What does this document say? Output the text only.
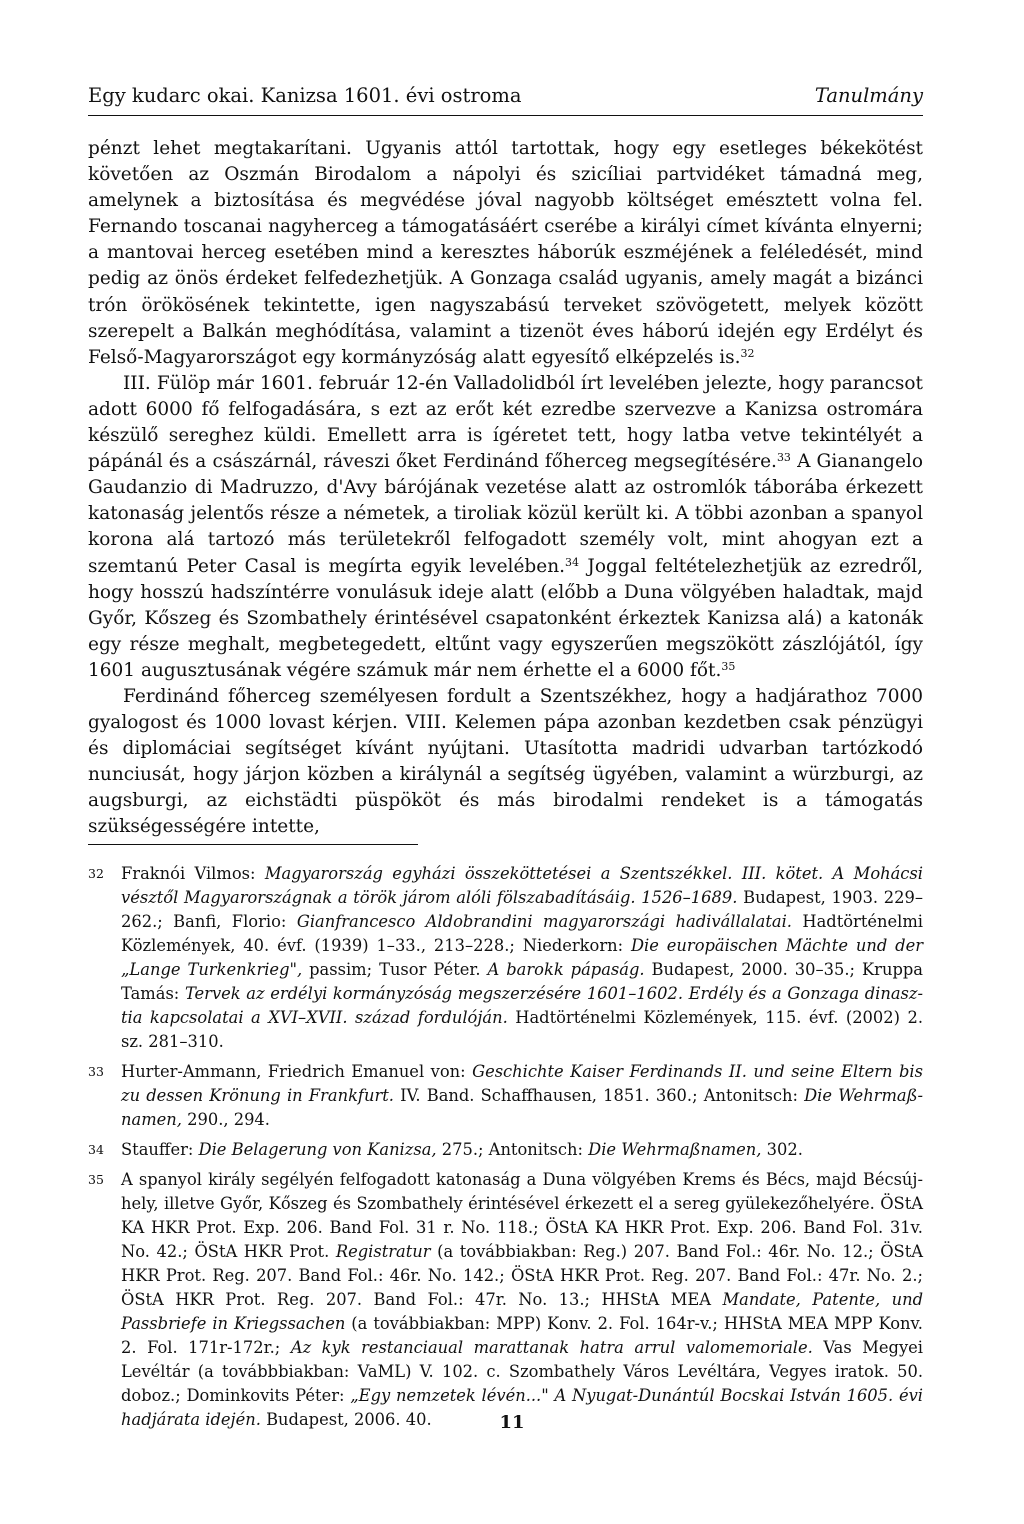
Egy kudarc okai. Kanizsa 1601. évi ostroma	Tanulmány

pénzt lehet megtakarítani. Ugyanis attól tartottak, hogy egy esetleges békekötést követően az Oszmán Birodalom a nápolyi és szicíliai partvidéket támadná meg, amelynek a biztosítása és megvédése jóval nagyobb költséget emésztett volna fel. Fernando toscanai nagyherceg a támogatásáért cserébe a királyi címet kívánta elnyerni; a mantovai herceg esetében mind a keresztes háborúk eszméjének a feléledését, mind pedig az önös érdeket felfedezhetjük. A Gonzaga család ugyanis, amely magát a bizánci trón örökösének tekintette, igen nagyszabású terveket szövögetett, melyek között szerepelt a Balkán meghódítása, valamint a tizenöt éves háború idején egy Erdélyt és Felső-Magyarországot egy kormányzóság alatt egyesítő elképzelés is.$^{32}$

III. Fülöp már 1601. február 12-én Valladolidból írt levelében jelezte, hogy parancsot adott 6000 fő felfogadására, s ezt az erőt két ezredbe szervezve a Kanizsa ostromára készülő sereghez küldi. Emellett arra is ígéretet tett, hogy latba vetve tekintélyét a pápánál és a császárnál, ráveszi őket Ferdinánd főherceg megsegítésére.$^{33}$ A Gianangelo Gaudanzio di Madruzzo, d'Avy bárójának vezetése alatt az ostromlók táborába érkezett katonaság jelentős része a németek, a tiroliak közül került ki. A többi azonban a spanyol korona alá tartozó más területekről felfogadott személy volt, mint ahogyan ezt a szemtanú Peter Casal is megírta egyik levelében.$^{34}$ Joggal feltételezhetjük az ezredről, hogy hosszú hadszíntérre vonulásuk ideje alatt (előbb a Duna völgyében haladtak, majd Győr, Kőszeg és Szombathely érintésével csapatonként érkeztek Kanizsa alá) a katonák egy része meghalt, megbetegedett, eltűnt vagy egyszerűen megszökött zászlójától, így 1601 augusztusának végére számuk már nem érhette el a 6000 főt.$^{35}$

Ferdinánd főherceg személyesen fordult a Szentszékhez, hogy a hadjárathoz 7000 gyalogost és 1000 lovast kérjen. VIII. Kelemen pápa azonban kezdetben csak pénzügyi és diplomáciai segítséget kívánt nyújtani. Utasította madridi udvarban tartózkodó nunciusát, hogy járjon közben a királynál a segítség ügyében, valamint a würzburgi, az augsburgi, az eichstädti püspököt és más birodalmi rendeket is a támogatás szükségességére intette,

32 Fraknói Vilmos: Magyarország egyházi összeköttetései a Szentszékkel. III. kötet. A Mohácsi vésztől Magyarországnak a török járom alóli fölszabadításáig. 1526–1689. Budapest, 1903. 229–262.; Banfi, Florio: Gianfrancesco Aldobrandini magyarországi hadivállalatai. Hadtörténelmi Közlemények, 40. évf. (1939) 1–33., 213–228.; Niederkorn: Die europäischen Mächte und der „Lange Turkenkrieg", passim; Tusor Péter. A barokk pápaság. Budapest, 2000. 30–35.; Kruppa Tamás: Tervek az erdélyi kormányzóság megszerzésére 1601–1602. Erdély és a Gonzaga dinasztia kapcsolatai a XVI–XVII. század fordulóján. Hadtörténelmi Közlemények, 115. évf. (2002) 2. sz. 281–310.
33 Hurter-Ammann, Friedrich Emanuel von: Geschichte Kaiser Ferdinands II. und seine Eltern bis zu dessen Krönung in Frankfurt. IV. Band. Schaffhausen, 1851. 360.; Antonitsch: Die Wehrmaßnamen, 290., 294.
34 Stauffer: Die Belagerung von Kanizsa, 275.; Antonitsch: Die Wehrmaßnamen, 302.
35 A spanyol király segélyén felfogadott katonaság a Duna völgyében Krems és Bécs, majd Bécsújhely, illetve Győr, Kőszeg és Szombathely érintésével érkezett el a sereg gyülekezőhelyére. ÖStA KA HKR Prot. Exp. 206. Band Fol. 31 r. No. 118.; ÖStA KA HKR Prot. Exp. 206. Band Fol. 31v. No. 42.; ÖStA HKR Prot. Registratur (a továbbiakban: Reg.) 207. Band Fol.: 46r. No. 12.; ÖStA HKR Prot. Reg. 207. Band Fol.: 46r. No. 142.; ÖStA HKR Prot. Reg. 207. Band Fol.: 47r. No. 2.; ÖStA HKR Prot. Reg. 207. Band Fol.: 47r. No. 13.; HHStA MEA Mandate, Patente, und Passbriefe in Kriegssachen (a továbbiakban: MPP) Konv. 2. Fol. 164r-v.; HHStA MEA MPP Konv. 2. Fol. 171r-172r.; Az kyk restanciaual marattanak hatra arrul valomemoriale. Vas Megyei Levéltár (a továbbbiakban: VaML) V. 102. c. Szombathely Város Levéltára, Vegyes iratok. 50. doboz.; Dominkovits Péter: „Egy nemzetek lévén..." A Nyugat-Dunántúl Bocskai István 1605. évi hadjárata idején. Budapest, 2006. 40.	11
